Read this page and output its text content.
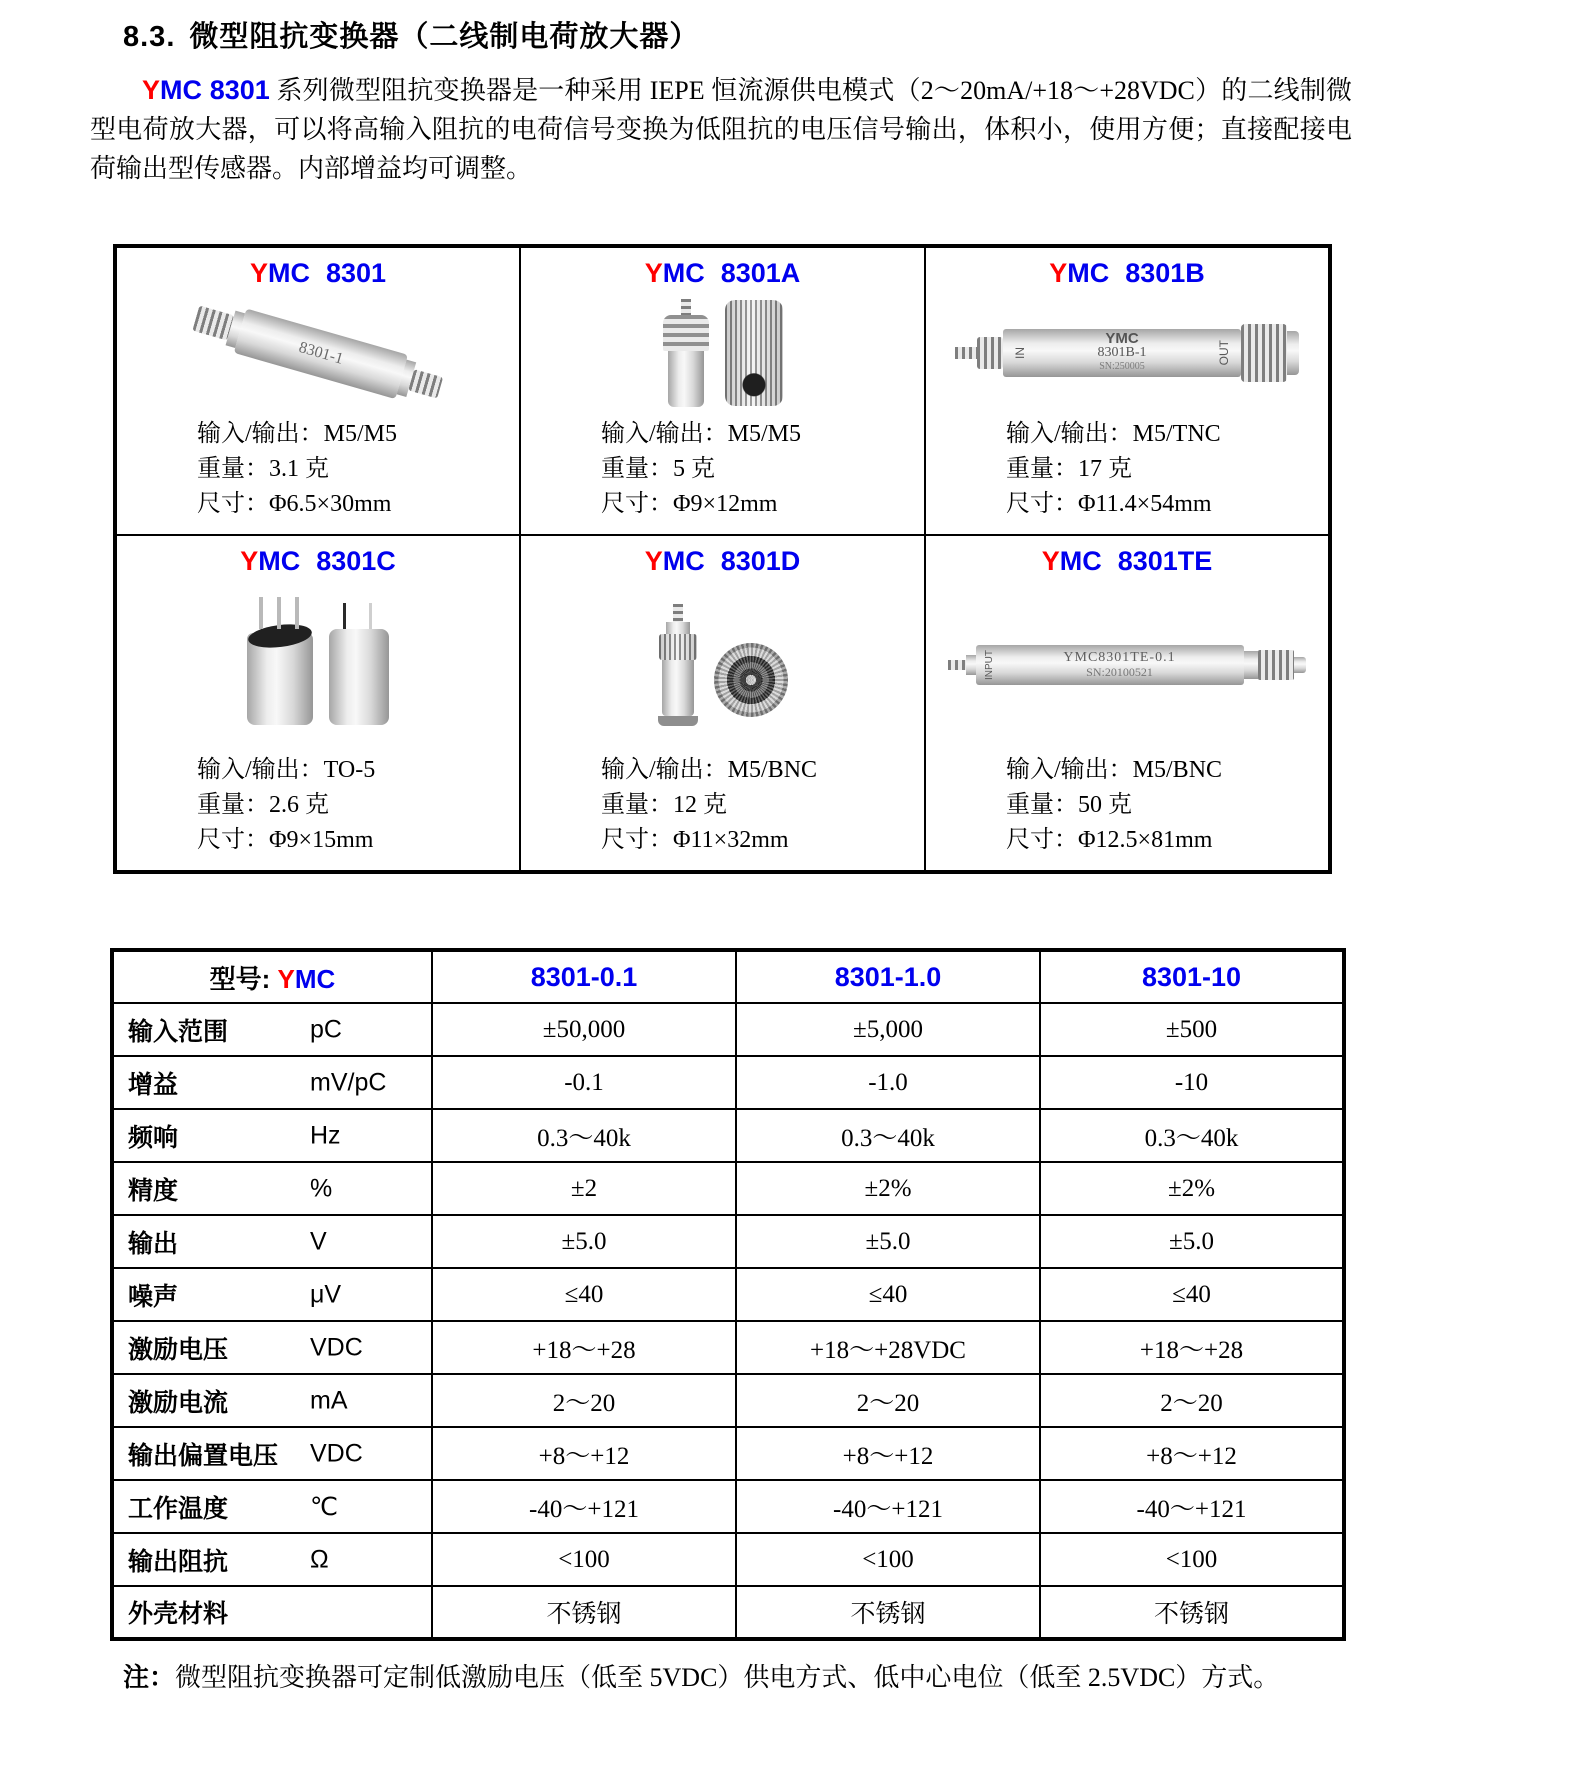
8.3. 微型阻抗变换器（二线制电荷放大器）

YMC 8301 系列微型阻抗变换器是一种采用 IEPE 恒流源供电模式（2～20mA/+18～+28VDC）的二线制微型电荷放大器，可以将高输入阻抗的电荷信号变换为低阻抗的电压信号输出，体积小，使用方便；直接配接电荷输出型传感器。内部增益均可调整。

YMC 8301
8301-1
输入/输出：M5/M5
重量：3.1 克
尺寸：Φ6.5×30mm

YMC 8301A
输入/输出：M5/M5
重量：5 克
尺寸：Φ9×12mm

YMC 8301B
IN
YMC
8301B-1
SN:250005
OUT
输入/输出：M5/TNC
重量：17 克
尺寸：Φ11.4×54mm

YMC 8301C
输入/输出：TO-5
重量：2.6 克
尺寸：Φ9×15mm

YMC 8301D
输入/输出：M5/BNC
重量：12 克
尺寸：Φ11×32mm

YMC 8301TE
INPUT	YMC8301TE-0.1
SN:20100521
输入/输出：M5/BNC
重量：50 克
尺寸：Φ12.5×81mm
型号: YMC	8301-0.1	8301-1.0	8301-10
输入范围 pC	±50,000	±5,000	±500
增益 mV/pC	-0.1	-1.0	-10
频响 Hz	0.3～40k	0.3～40k	0.3～40k
精度 %	±2	±2%	±2%
输出 V	±5.0	±5.0	±5.0
噪声 μV	≤40	≤40	≤40
激励电压 VDC	+18～+28	+18～+28VDC	+18～+28
激励电流 mA	2～20	2～20	2～20
输出偏置电压 VDC	+8～+12	+8～+12	+8～+12
工作温度 ℃	-40～+121	-40～+121	-40～+121
输出阻抗 Ω	<100	<100	<100
外壳材料	不锈钢	不锈钢	不锈钢
注：微型阻抗变换器可定制低激励电压（低至 5VDC）供电方式、低中心电位（低至 2.5VDC）方式。
